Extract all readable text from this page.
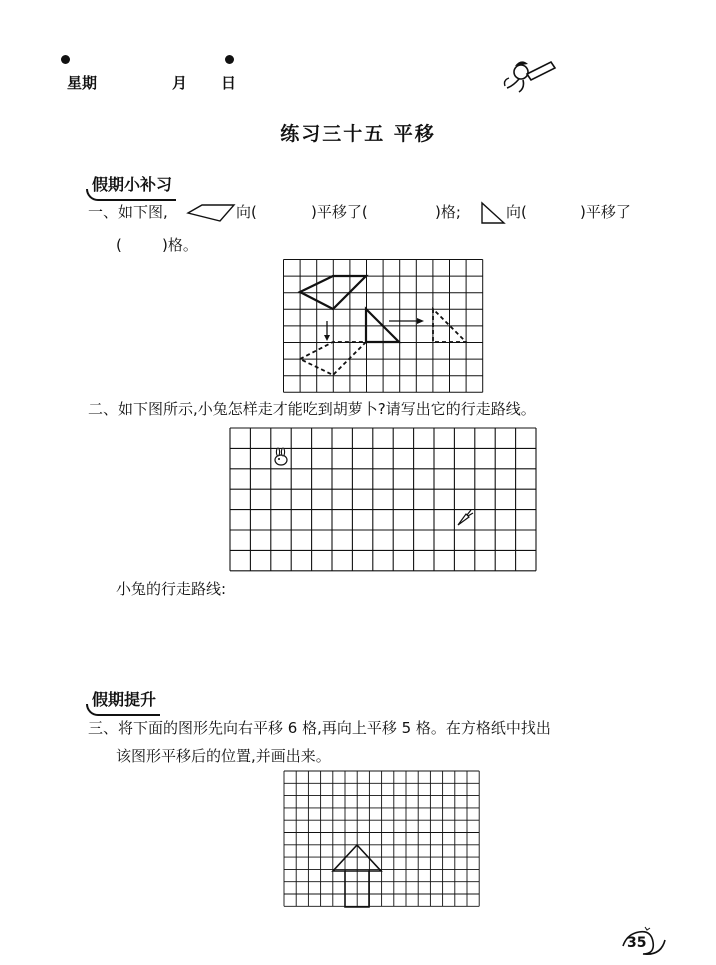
星期	月 日
练习三十五 平移
假期小补习
一、如下图,	向(	)平移了(	)格;	向(	)平移了
(	)格。
二、如下图所示,小兔怎样走才能吃到胡萝卜?请写出它的行走路线。
小兔的行走路线:
假期提升
三、将下面的图形先向右平移 6 格,再向上平移 5 格。在方格纸中找出
该图形平移后的位置,并画出来。
35
